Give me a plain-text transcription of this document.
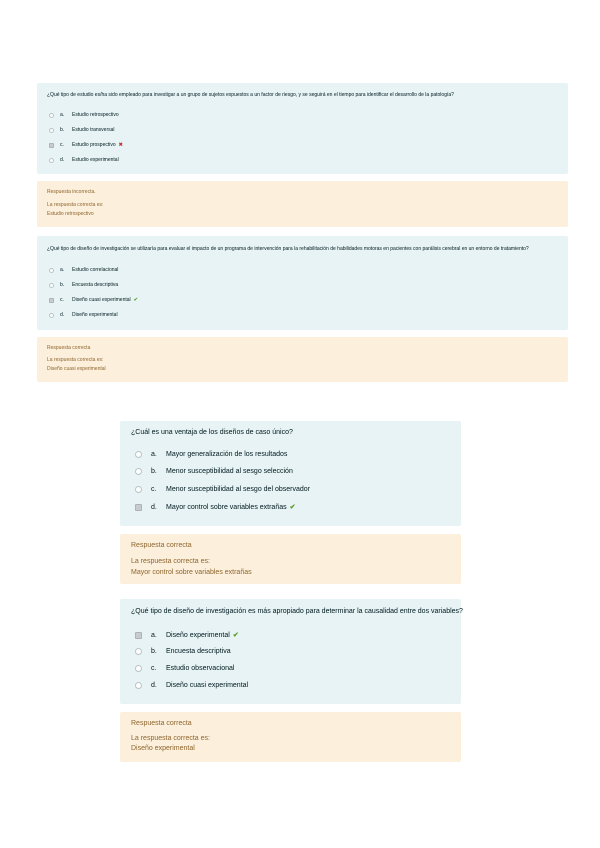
¿Qué tipo de estudio es/ha sido empleado para investigar a un grupo de sujetos expuestos a un factor de riesgo, y se seguirá en el tiempo para identificar el desarrollo de la patología?
a.	Estudio retrospectivo
b.	Estudio transversal
c.	Estudio prospectivo ✖
d.	Estudio experimental
Respuesta incorrecta.
La respuesta correcta es:
Estudio retrospectivo
¿Qué tipo de diseño de investigación se utilizaría para evaluar el impacto de un programa de intervención para la rehabilitación de habilidades motoras en pacientes con parálisis cerebral en un entorno de tratamiento?
a.	Estudio correlacional
b.	Encuesta descriptiva
c.	Diseño cuasi experimental ✔
d.	Diseño experimental
Respuesta correcta
La respuesta correcta es:
Diseño cuasi experimental
¿Cuál es una ventaja de los diseños de caso único?
a.	Mayor generalización de los resultados
b.	Menor susceptibilidad al sesgo selección
c.	Menor susceptibilidad al sesgo del observador
d.	Mayor control sobre variables extrañas ✔
Respuesta correcta
La respuesta correcta es:
Mayor control sobre variables extrañas
¿Qué tipo de diseño de investigación es más apropiado para determinar la causalidad entre dos variables?
a.	Diseño experimental ✔
b.	Encuesta descriptiva
c.	Estudio observacional
d.	Diseño cuasi experimental
Respuesta correcta
La respuesta correcta es:
Diseño experimental
